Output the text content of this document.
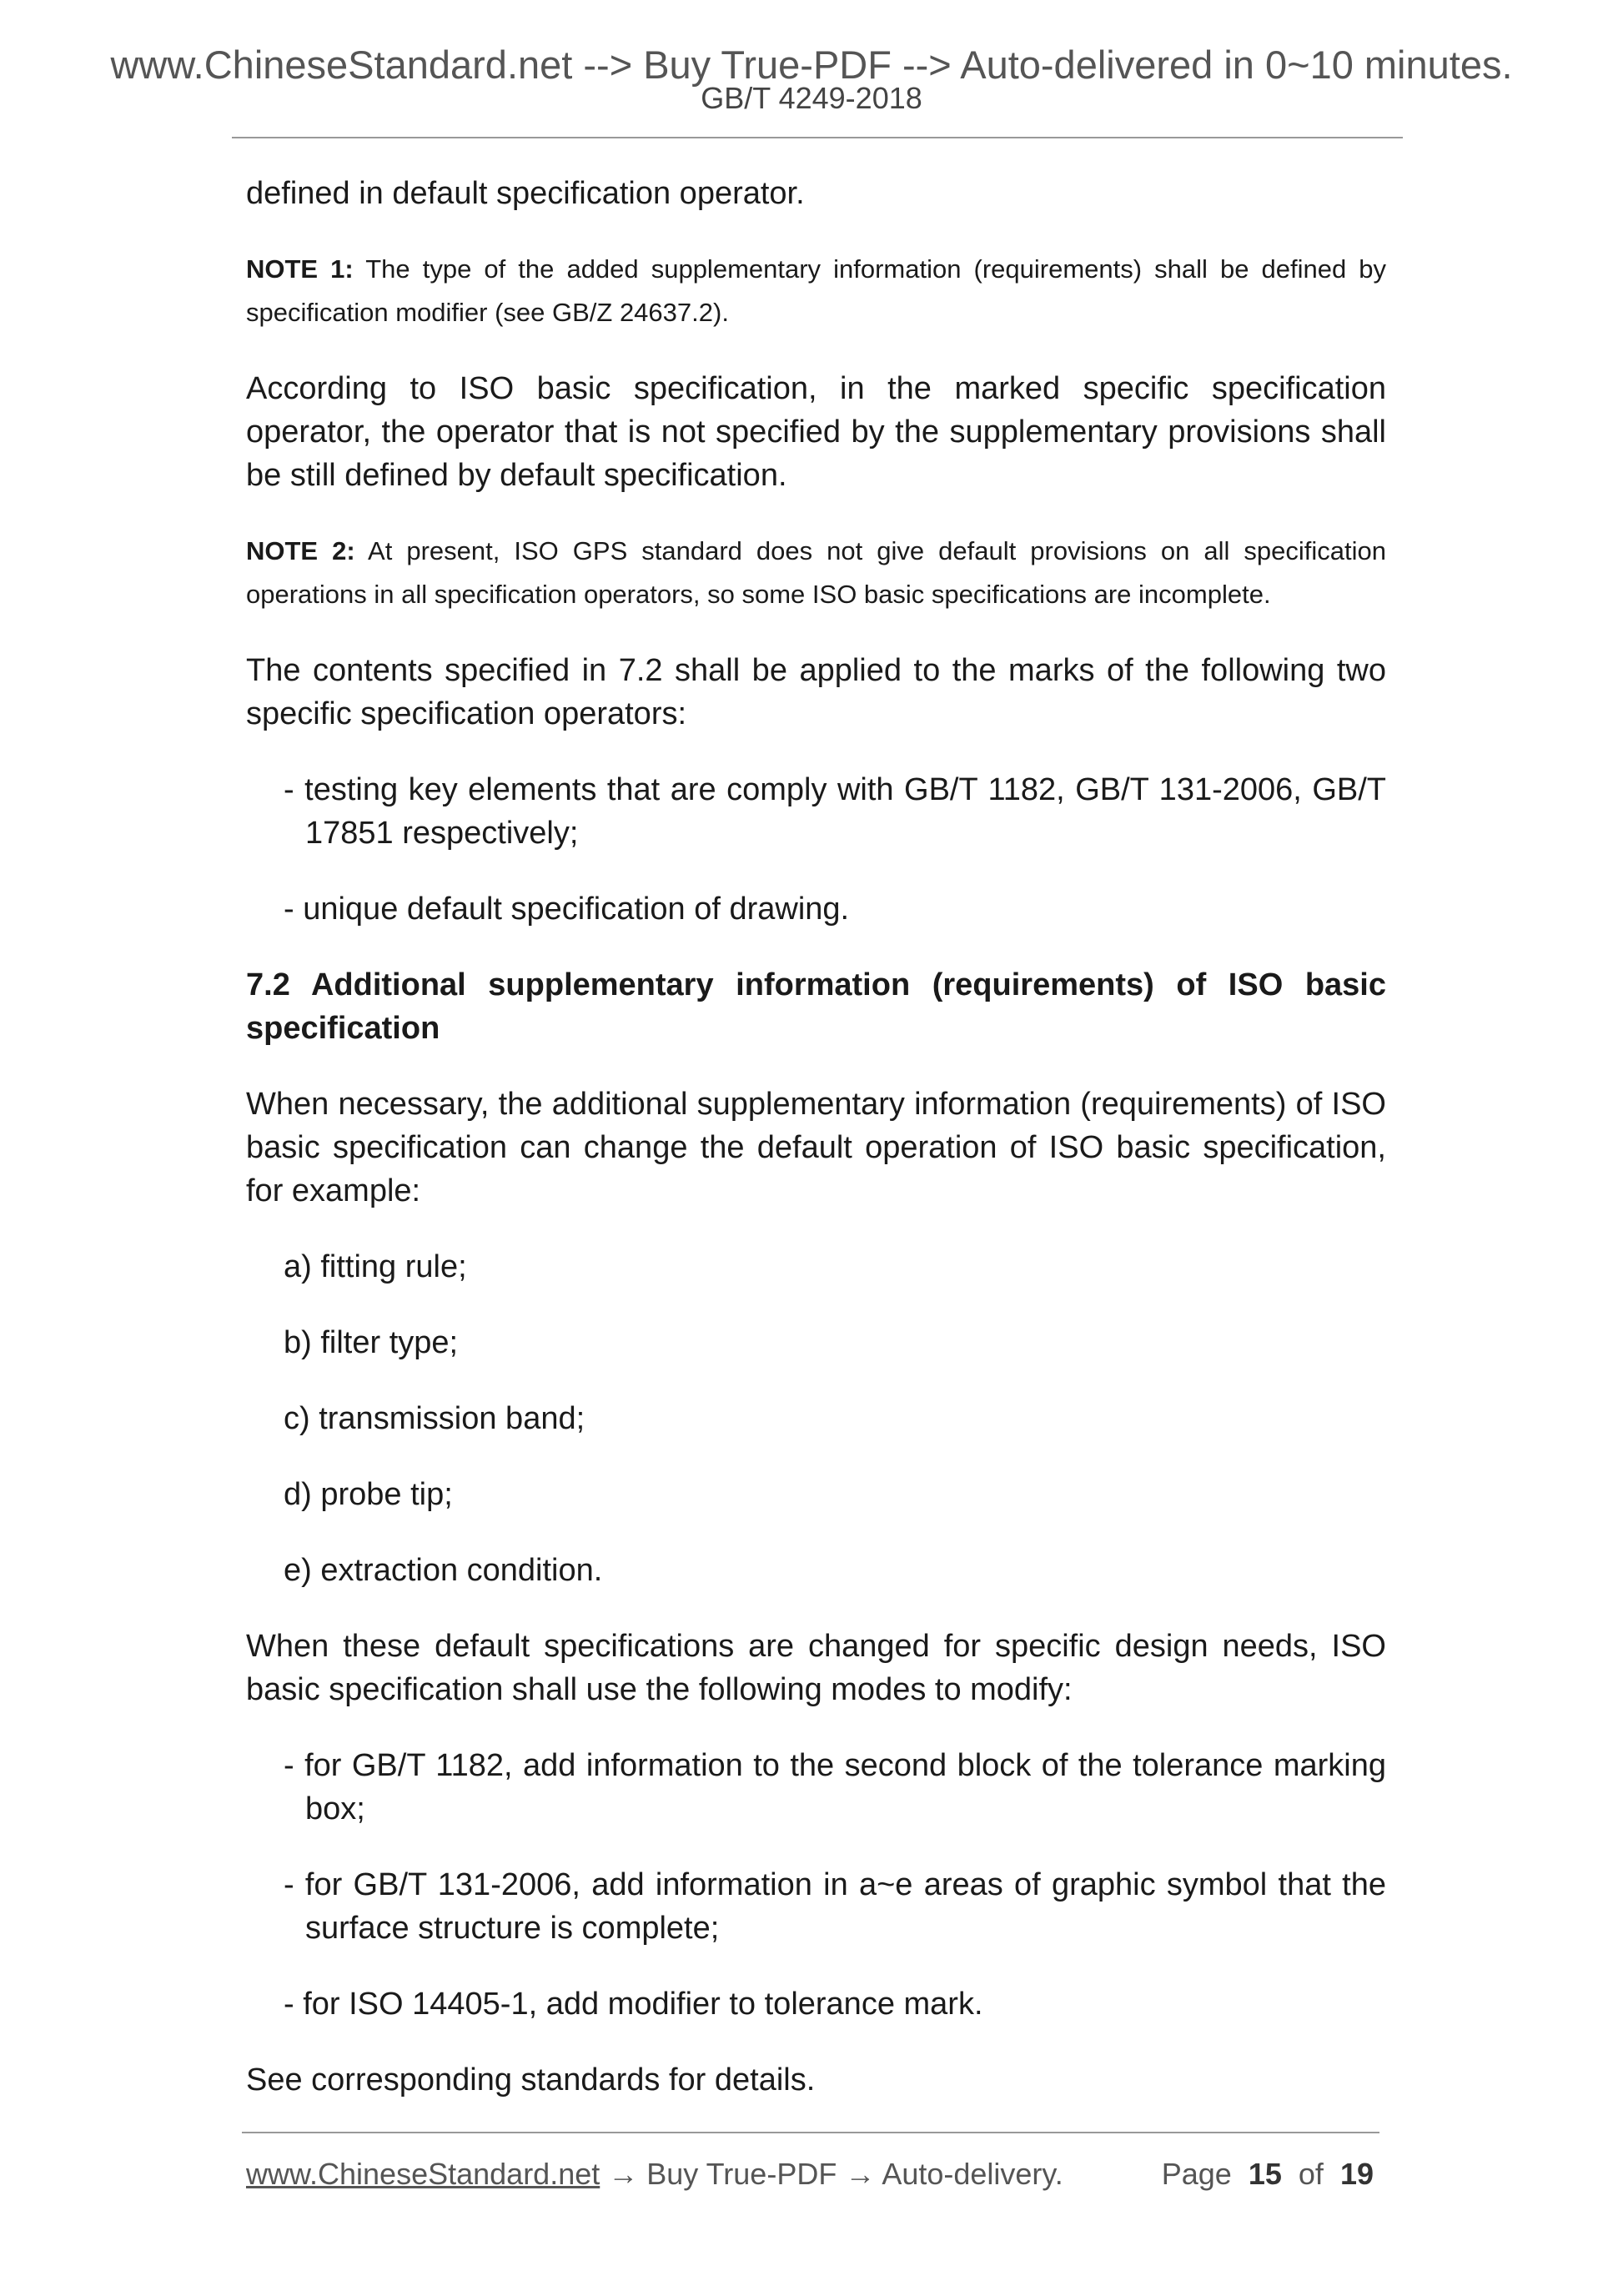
www.ChineseStandard.net --> Buy True-PDF --> Auto-delivered in 0~10 minutes.
GB/T 4249-2018

defined in default specification operator.

NOTE 1: The type of the added supplementary information (requirements) shall be defined by specification modifier (see GB/Z 24637.2).

According to ISO basic specification, in the marked specific specification operator, the operator that is not specified by the supplementary provisions shall be still defined by default specification.

NOTE 2: At present, ISO GPS standard does not give default provisions on all specification operations in all specification operators, so some ISO basic specifications are incomplete.

The contents specified in 7.2 shall be applied to the marks of the following two specific specification operators:

- testing key elements that are comply with GB/T 1182, GB/T 131-2006, GB/T 17851 respectively;

- unique default specification of drawing.

7.2 Additional supplementary information (requirements) of ISO basic specification

When necessary, the additional supplementary information (requirements) of ISO basic specification can change the default operation of ISO basic specification, for example:

a) fitting rule;

b) filter type;

c) transmission band;

d) probe tip;

e) extraction condition.

When these default specifications are changed for specific design needs, ISO basic specification shall use the following modes to modify:

- for GB/T 1182, add information to the second block of the tolerance marking box;

- for GB/T 131-2006, add information in a~e areas of graphic symbol that the surface structure is complete;

- for ISO 14405-1, add modifier to tolerance mark.

See corresponding standards for details.

www.ChineseStandard.net → Buy True-PDF → Auto-delivery.	Page 15 of 19
